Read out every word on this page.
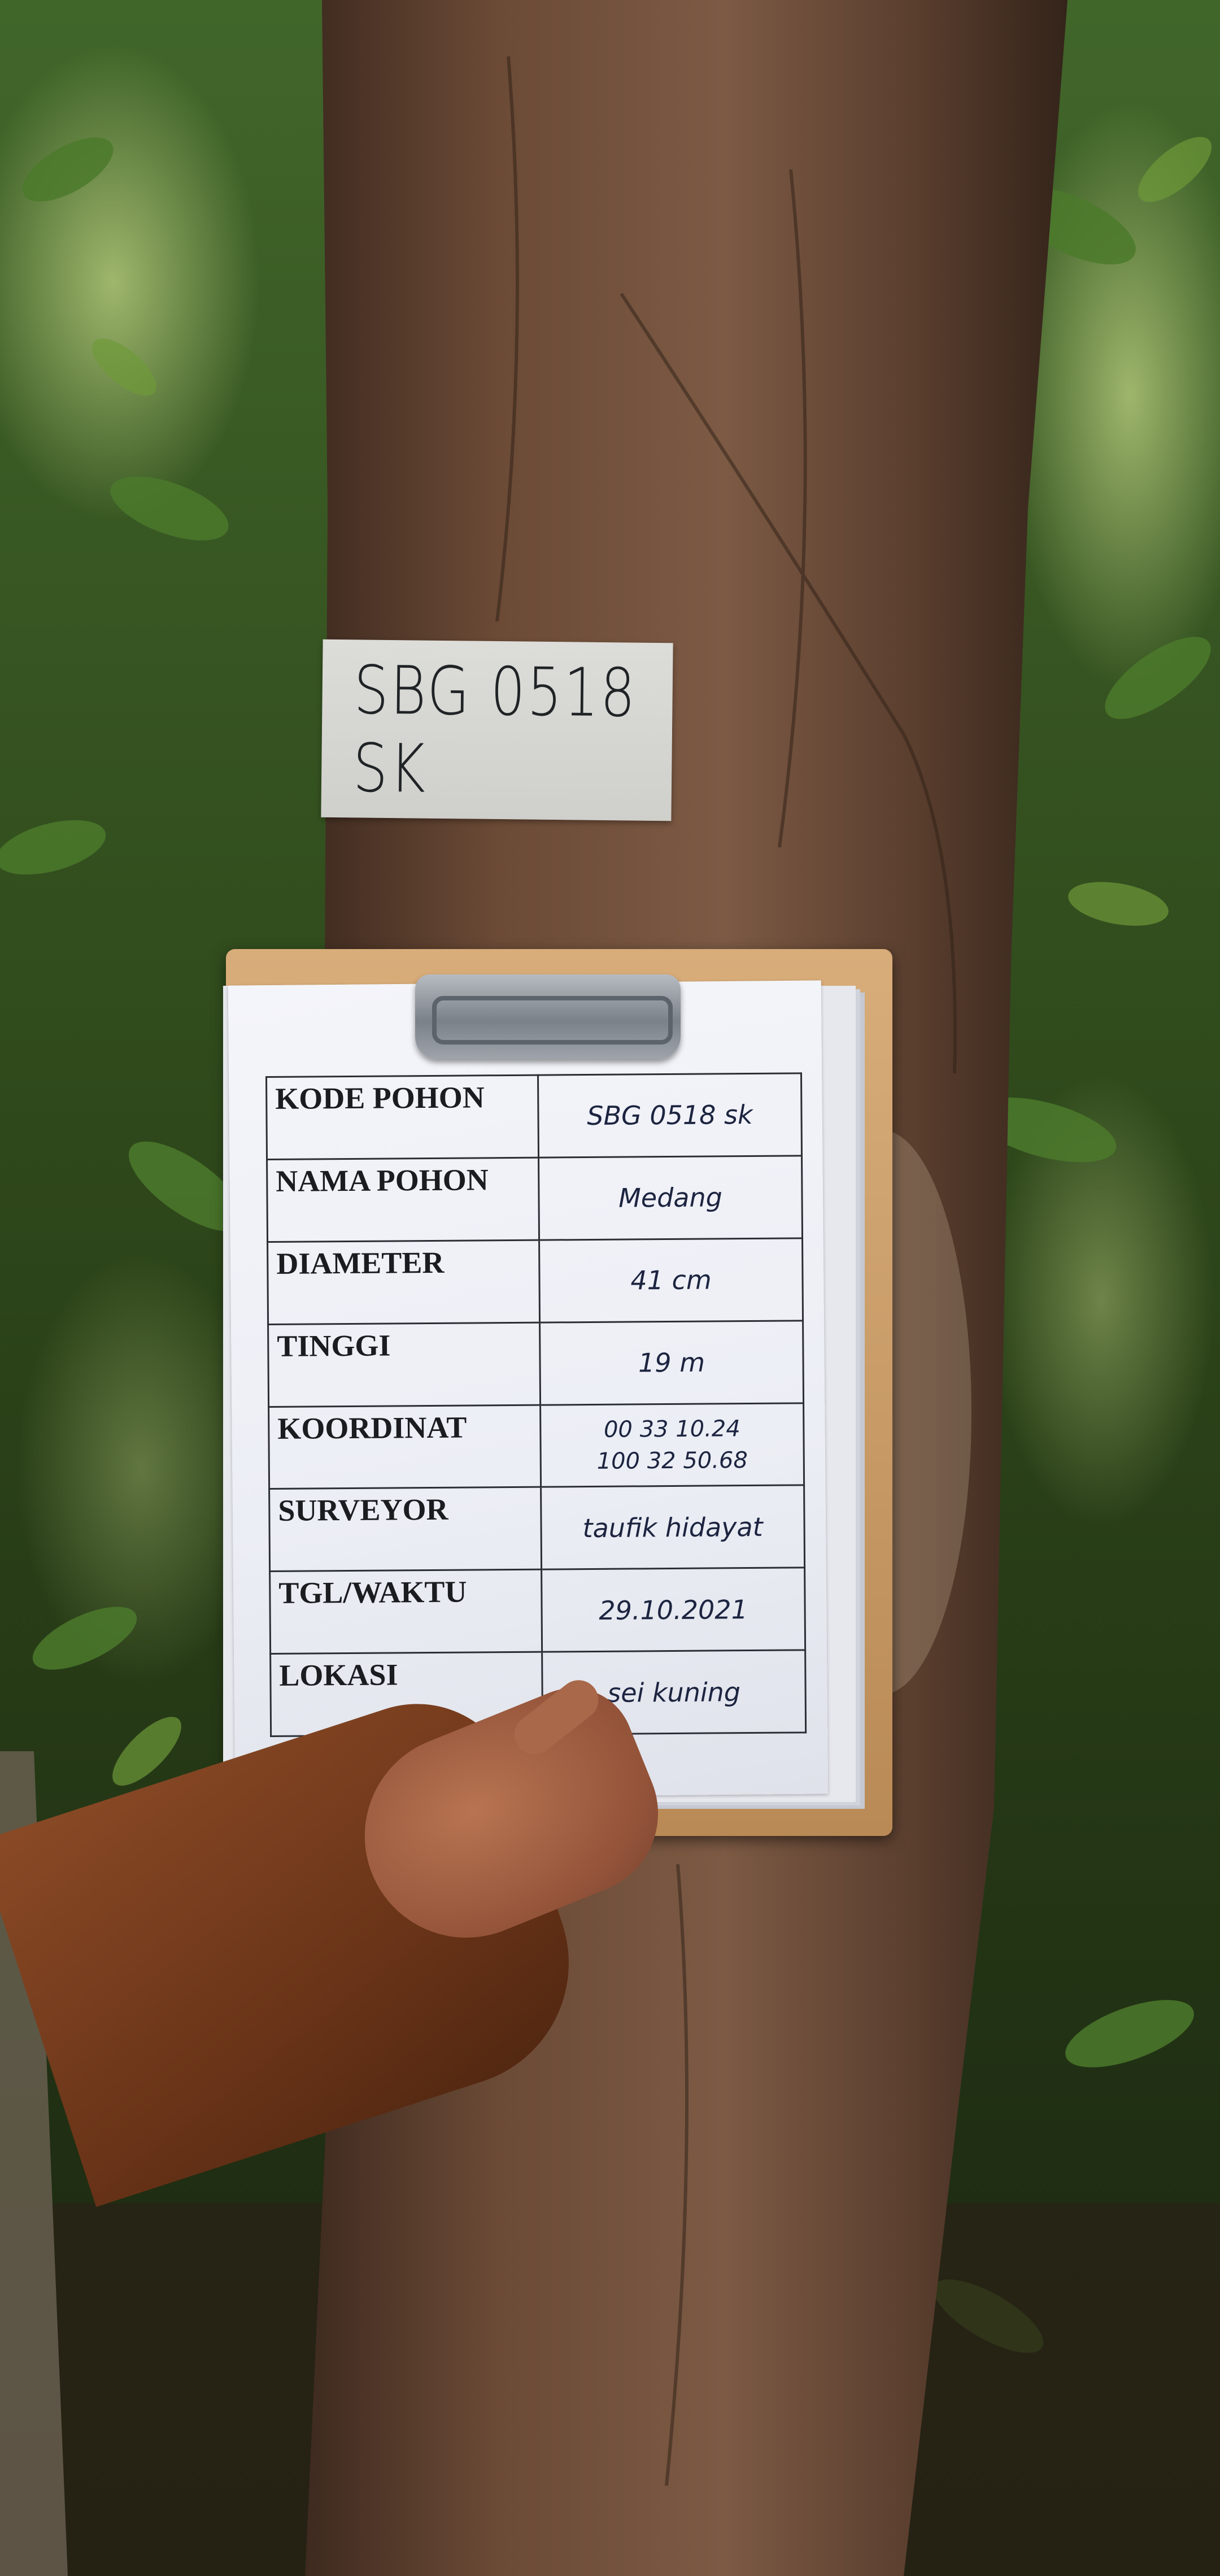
SBG 0518 SK
KODE POHON	SBG 0518 sk
NAMA POHON	Medang
DIAMETER	41 cm
TINGGI	19 m
KOORDINAT	00 33 10.24
100 32 50.68

SURVEYOR	taufik hidayat
TGL/WAKTU	29.10.2021
LOKASI	sei kuning
